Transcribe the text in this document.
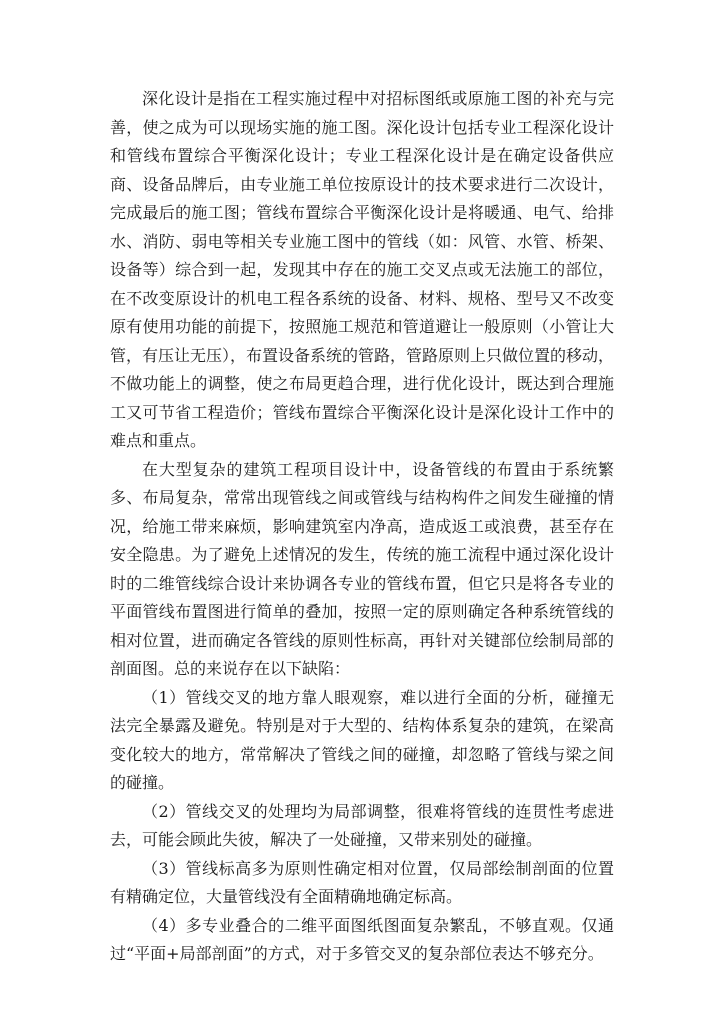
深化设计是指在工程实施过程中对招标图纸或原施工图的补充与完善，使之成为可以现场实施的施工图。深化设计包括专业工程深化设计和管线布置综合平衡深化设计；专业工程深化设计是在确定设备供应商、设备品牌后，由专业施工单位按原设计的技术要求进行二次设计，完成最后的施工图；管线布置综合平衡深化设计是将暖通、电气、给排水、消防、弱电等相关专业施工图中的管线（如：风管、水管、桥架、设备等）综合到一起，发现其中存在的施工交叉点或无法施工的部位，在不改变原设计的机电工程各系统的设备、材料、规格、型号又不改变原有使用功能的前提下，按照施工规范和管道避让一般原则（小管让大管，有压让无压），布置设备系统的管路，管路原则上只做位置的移动，不做功能上的调整，使之布局更趋合理，进行优化设计，既达到合理施工又可节省工程造价；管线布置综合平衡深化设计是深化设计工作中的难点和重点。

在大型复杂的建筑工程项目设计中，设备管线的布置由于系统繁多、布局复杂，常常出现管线之间或管线与结构构件之间发生碰撞的情况，给施工带来麻烦，影响建筑室内净高，造成返工或浪费，甚至存在安全隐患。为了避免上述情况的发生，传统的施工流程中通过深化设计时的二维管线综合设计来协调各专业的管线布置，但它只是将各专业的平面管线布置图进行简单的叠加，按照一定的原则确定各种系统管线的相对位置，进而确定各管线的原则性标高，再针对关键部位绘制局部的剖面图。总的来说存在以下缺陷：

（1）管线交叉的地方靠人眼观察，难以进行全面的分析，碰撞无法完全暴露及避免。特别是对于大型的、结构体系复杂的建筑，在梁高变化较大的地方，常常解决了管线之间的碰撞，却忽略了管线与梁之间的碰撞。

（2）管线交叉的处理均为局部调整，很难将管线的连贯性考虑进去，可能会顾此失彼，解决了一处碰撞，又带来别处的碰撞。

（3）管线标高多为原则性确定相对位置，仅局部绘制剖面的位置有精确定位，大量管线没有全面精确地确定标高。

（4）多专业叠合的二维平面图纸图面复杂繁乱，不够直观。仅通过“平面+局部剖面”的方式，对于多管交叉的复杂部位表达不够充分。
